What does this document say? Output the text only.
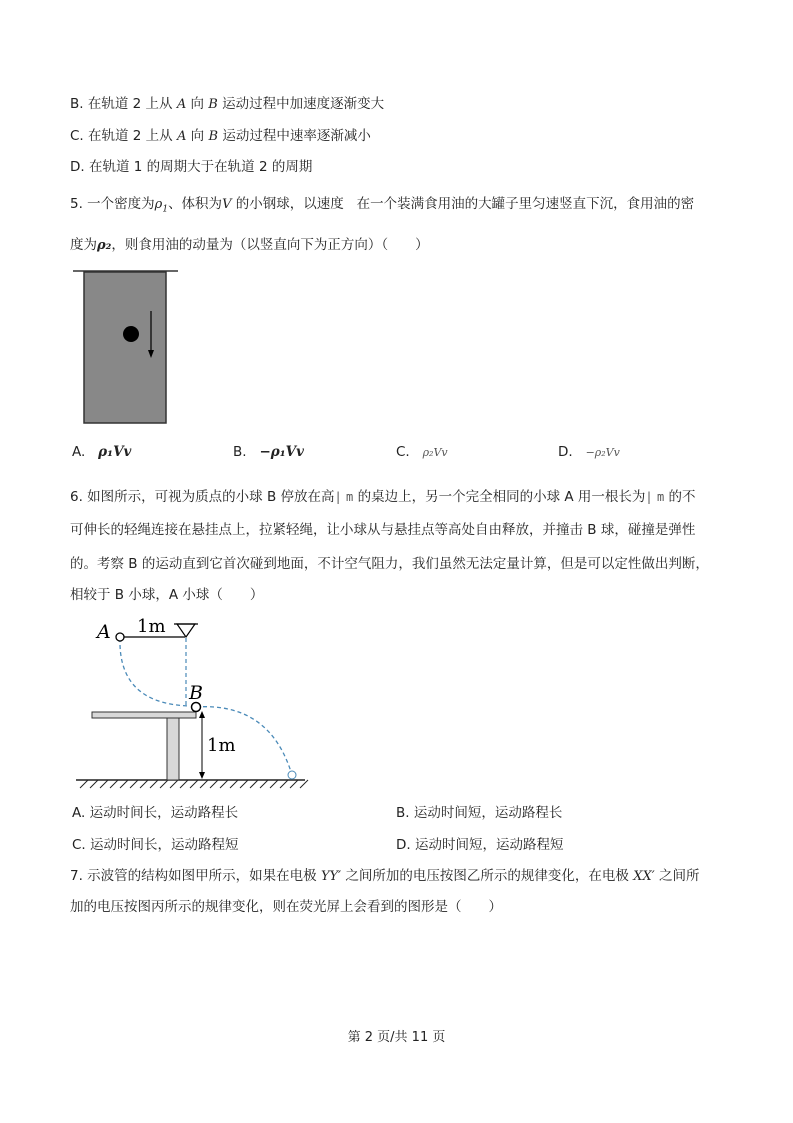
B. 在轨道 2 上从 A 向 B 运动过程中加速度逐渐变大
C. 在轨道 2 上从 A 向 B 运动过程中速率逐渐减小
D. 在轨道 1 的周期大于在轨道 2 的周期
5. 一个密度为$\rho_1$、体积为V 的小钢球，以速度 在一个装满食用油的大罐子里匀速竖直下沉，食用油的密
度为ρ₂，则食用油的动量为（以竖直向下为正方向）（　　）
A. ρ₁Vv	B. −ρ₁Vv	C. ρ₂Vv	D. −ρ₂Vv
6. 如图所示，可视为质点的小球 B 停放在高| m 的桌边上，另一个完全相同的小球 A 用一根长为| m 的不
可伸长的轻绳连接在悬挂点上，拉紧轻绳，让小球从与悬挂点等高处自由释放，并撞击 B 球，碰撞是弹性
的。考察 B 的运动直到它首次碰到地面，不计空气阻力，我们虽然无法定量计算，但是可以定性做出判断，
相较于 B 小球，A 小球（　　）
1m
1m
A
B
A. 运动时间长，运动路程长	B. 运动时间短，运动路程长
C. 运动时间长，运动路程短	D. 运动时间短，运动路程短
7. 示波管的结构如图甲所示，如果在电极 YY′ 之间所加的电压按图乙所示的规律变化，在电极 XX′ 之间所
加的电压按图丙所示的规律变化，则在荧光屏上会看到的图形是（　　）
第 2 页/共 11 页
